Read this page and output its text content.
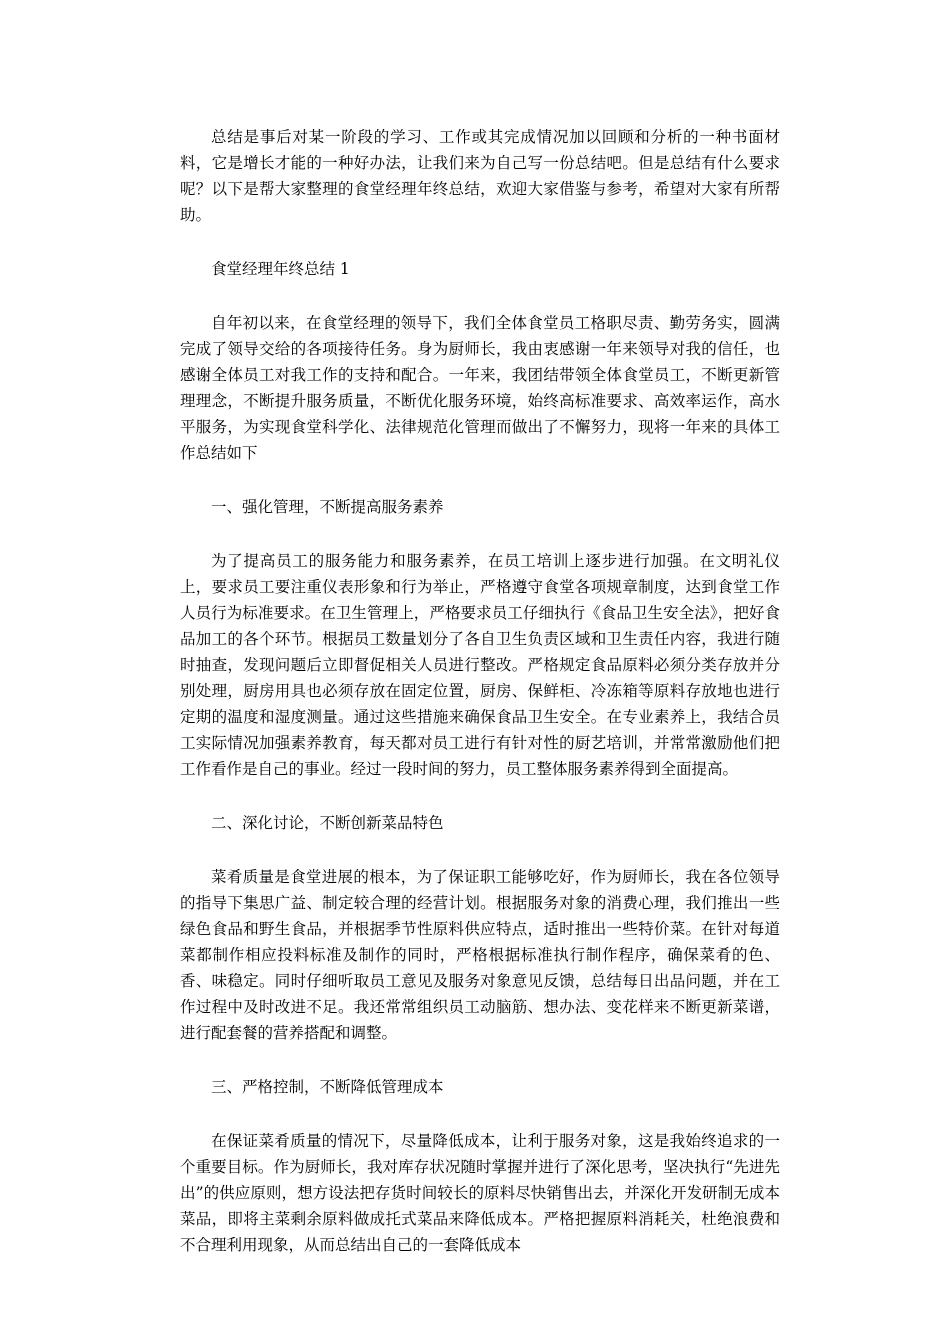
总结是事后对某一阶段的学习、工作或其完成情况加以回顾和分析的一种书面材料，它是增长才能的一种好办法，让我们来为自己写一份总结吧。但是总结有什么要求呢？以下是帮大家整理的食堂经理年终总结，欢迎大家借鉴与参考，希望对大家有所帮助。

食堂经理年终总结 1

自年初以来，在食堂经理的领导下，我们全体食堂员工格职尽责、勤劳务实，圆满完成了领导交给的各项接待任务。身为厨师长，我由衷感谢一年来领导对我的信任，也感谢全体员工对我工作的支持和配合。一年来，我团结带领全体食堂员工，不断更新管理理念，不断提升服务质量，不断优化服务环境，始终高标准要求、高效率运作，高水平服务，为实现食堂科学化、法律规范化管理而做出了不懈努力，现将一年来的具体工作总结如下

一、强化管理，不断提高服务素养

为了提高员工的服务能力和服务素养，在员工培训上逐步进行加强。在文明礼仪上，要求员工要注重仪表形象和行为举止，严格遵守食堂各项规章制度，达到食堂工作人员行为标准要求。在卫生管理上，严格要求员工仔细执行《食品卫生安全法》，把好食品加工的各个环节。根据员工数量划分了各自卫生负责区域和卫生责任内容，我进行随时抽查，发现问题后立即督促相关人员进行整改。严格规定食品原料必须分类存放并分别处理，厨房用具也必须存放在固定位置，厨房、保鲜柜、冷冻箱等原料存放地也进行定期的温度和湿度测量。通过这些措施来确保食品卫生安全。在专业素养上，我结合员工实际情况加强素养教育，每天都对员工进行有针对性的厨艺培训，并常常激励他们把工作看作是自己的事业。经过一段时间的努力，员工整体服务素养得到全面提高。

二、深化讨论，不断创新菜品特色

菜肴质量是食堂进展的根本，为了保证职工能够吃好，作为厨师长，我在各位领导的指导下集思广益、制定较合理的经营计划。根据服务对象的消费心理，我们推出一些绿色食品和野生食品，并根据季节性原料供应特点，适时推出一些特价菜。在针对每道菜都制作相应投料标准及制作的同时，严格根据标准执行制作程序，确保菜肴的色、香、味稳定。同时仔细听取员工意见及服务对象意见反馈，总结每日出品问题，并在工作过程中及时改进不足。我还常常组织员工动脑筋、想办法、变花样来不断更新菜谱，进行配套餐的营养搭配和调整。

三、严格控制，不断降低管理成本

在保证菜肴质量的情况下，尽量降低成本，让利于服务对象，这是我始终追求的一个重要目标。作为厨师长，我对库存状况随时掌握并进行了深化思考，坚决执行“先进先出”的供应原则，想方设法把存货时间较长的原料尽快销售出去，并深化开发研制无成本菜品，即将主菜剩余原料做成托式菜品来降低成本。严格把握原料消耗关，杜绝浪费和不合理利用现象，从而总结出自己的一套降低成本
